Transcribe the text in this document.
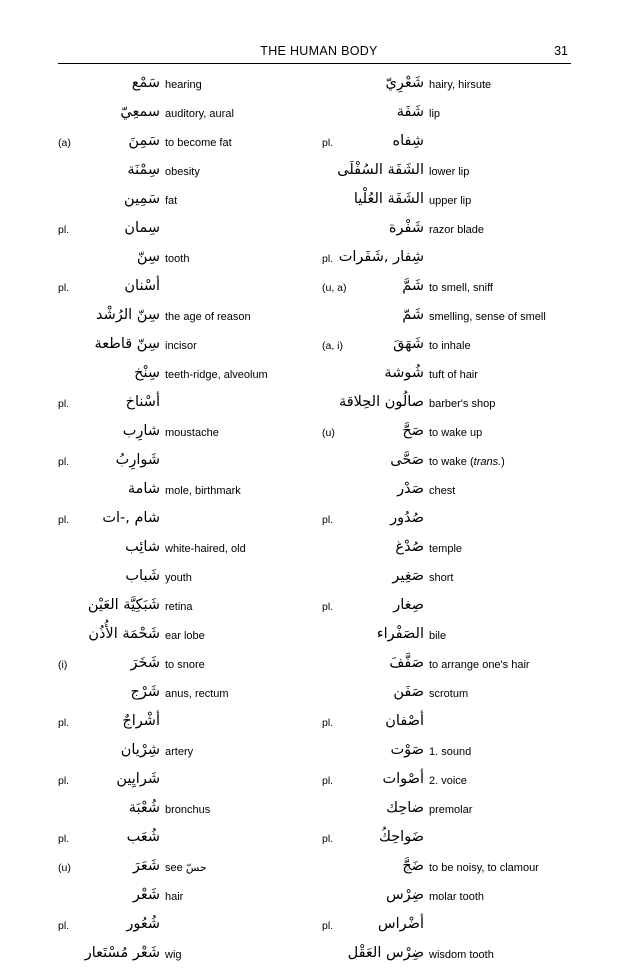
THE HUMAN BODY	31
سَمْع hearing
سمعِيّ auditory, aural
سَمِنَ
(a)	to become fat
سِمْنَة obesity
سَمِين fat
pl.	سِمان
سِنّ tooth
pl.	أسْنان
سِنّ الرُشْد the age of reason
سِنّ قاطعة incisor
سِنْخ teeth-ridge, alveolum
pl.	أسْناخ
شارِب moustache
pl.	شَوارِبُ
شامة mole, birthmark
pl. شام ,-ات
شائِب white-haired, old
شَباب youth
شَبَكِيَّة العَيْن retina
شَحْمَة الأُذُن ear lobe
شَخَرَ
(i)	to snore
شَرْج anus, rectum
pl.	أشْراجٌ
شِرْيان artery
pl.	شَرايِين
شُعْبَة bronchus
pl.	شُعَب
شَعَرَ
(u)	see حسّ
شَعْر hair
pl.	شُعُور
شَعْر مُسْتَعار wig
شَعْرِيّ hairy, hirsute
شَفَة lip
pl.	شِفاه
الشَفَة السُفْلَى lower lip
الشَفَة العُلْيا upper lip
شَفْرة razor blade
pl. شِفار ,شَفَرات
شَمَّ
(u, a)	to smell, sniff
شَمّ smelling, sense of smell
شَهَقَ
(a, i)	to inhale
شُوشة tuft of hair
صالُون الحِلاقة barber's shop
صَحَّ
(u)	to wake up
صَحَّى to wake (trans.)
صَدْر chest
pl.	صُدُور
صُدْغ temple
صَغِير short
pl.	صِغار
الصَفْراء bile
صَفَّفَ to arrange one's hair
صَفَن scrotum
pl.	أصْفان
صَوْت 1. sound
pl.	أصْوات 2. voice
ضاحِك premolar
pl.	ضَواحِكُ
ضَجَّ to be noisy, to clamour
ضِرْس molar tooth
pl.	أضْراس
ضِرْس العَقْل wisdom tooth
